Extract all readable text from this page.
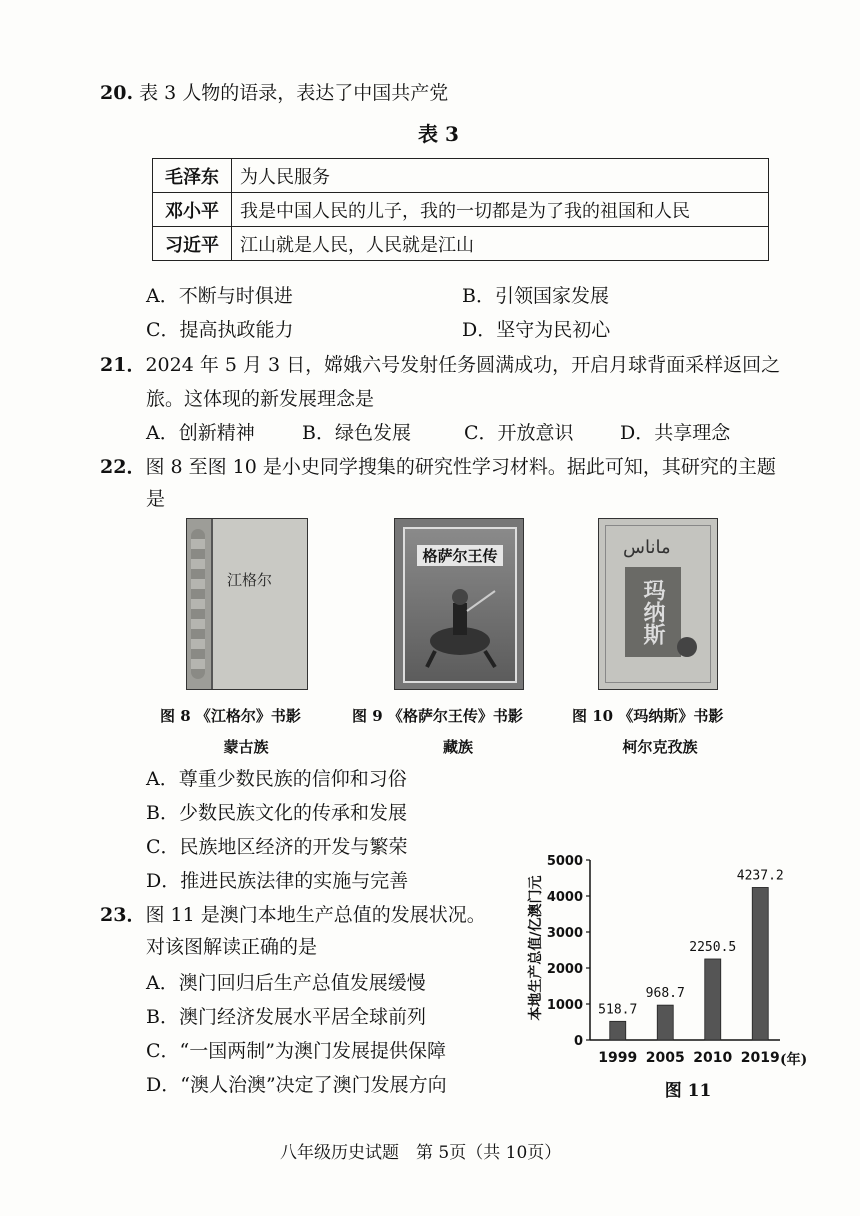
20. 表 3 人物的语录，表达了中国共产党
表 3
毛泽东	为人民服务
邓小平	我是中国人民的儿子，我的一切都是为了我的祖国和人民
习近平	江山就是人民，人民就是江山
A．不断与时俱进	B．引领国家发展
C．提高执政能力	D．坚守为民初心
21．2024 年 5 月 3 日，嫦娥六号发射任务圆满成功，开启月球背面采样返回之
旅。这体现的新发展理念是
A．创新精神 B．绿色发展	C．开放意识 D．共享理念
22．图 8 至图 10 是小史同学搜集的研究性学习材料。据此可知，其研究的主题
是
江格尔
格萨尔王传	ماناس
玛纳斯
图 8 《江格尔》书影	图 9 《格萨尔王传》书影	图 10 《玛纳斯》书影
蒙古族	藏族	柯尔克孜族
A．尊重少数民族的信仰和习俗
B．少数民族文化的传承和发展
C．民族地区经济的开发与繁荣
D．推进民族法律的实施与完善
23．图 11 是澳门本地生产总值的发展状况。
对该图解读正确的是
A．澳门回归后生产总值发展缓慢
B．澳门经济发展水平居全球前列
C．“一国两制”为澳门发展提供保障
D．“澳人治澳”决定了澳门发展方向
本地生产总值/亿澳门元
0
1000
2000
3000
4000
5000
518.7
968.7
2250.5
4237.2
1999 2005 2010 2019 (年)
图 11
八年级历史试题　第 5页（共 10页）
